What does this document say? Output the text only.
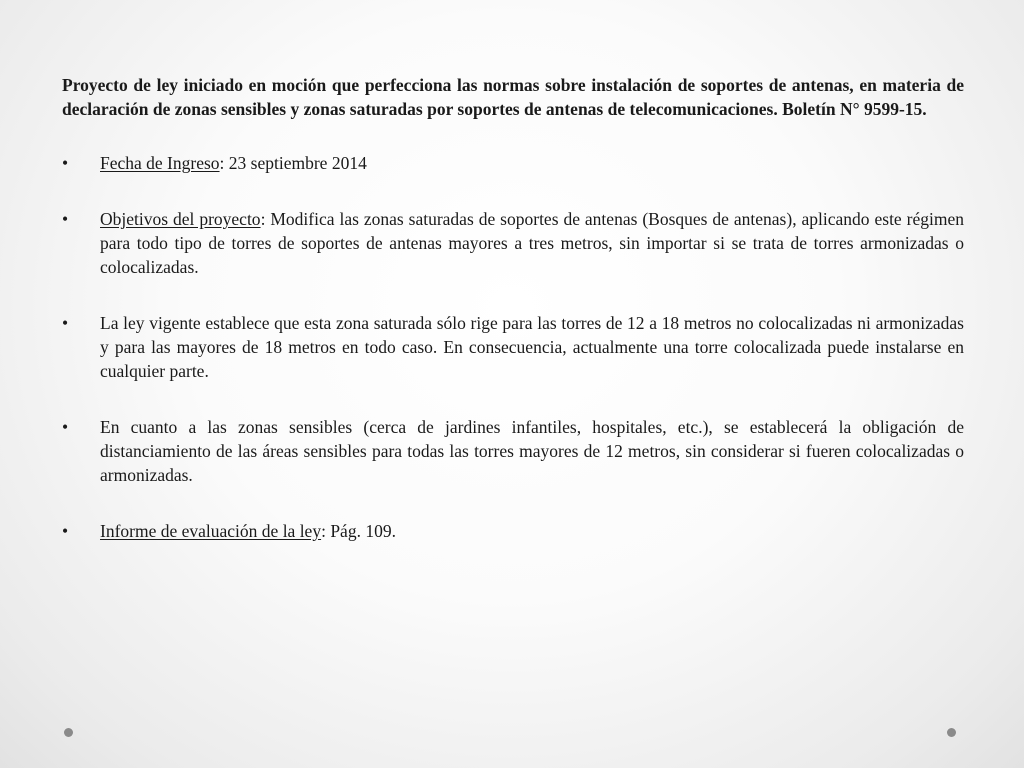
Proyecto de ley iniciado en moción que perfecciona las normas sobre instalación de soportes de antenas, en materia de declaración de zonas sensibles y zonas saturadas por soportes de antenas de telecomunicaciones. Boletín N° 9599-15.

•	Fecha de Ingreso: 23 septiembre 2014
•	Objetivos del proyecto: Modifica las zonas saturadas de soportes de antenas (Bosques de antenas), aplicando este régimen para todo tipo de torres de soportes de antenas mayores a tres metros, sin importar si se trata de torres armonizadas o colocalizadas.
•	La ley vigente establece que esta zona saturada sólo rige para las torres de 12 a 18 metros no colocalizadas ni armonizadas y para las mayores de 18 metros en todo caso. En consecuencia, actualmente una torre colocalizada puede instalarse en cualquier parte.
•	En cuanto a las zonas sensibles (cerca de jardines infantiles, hospitales, etc.), se establecerá la obligación de distanciamiento de las áreas sensibles para todas las torres mayores de 12 metros, sin considerar si fueren colocalizadas o armonizadas.
•	Informe de evaluación de la ley: Pág. 109.
